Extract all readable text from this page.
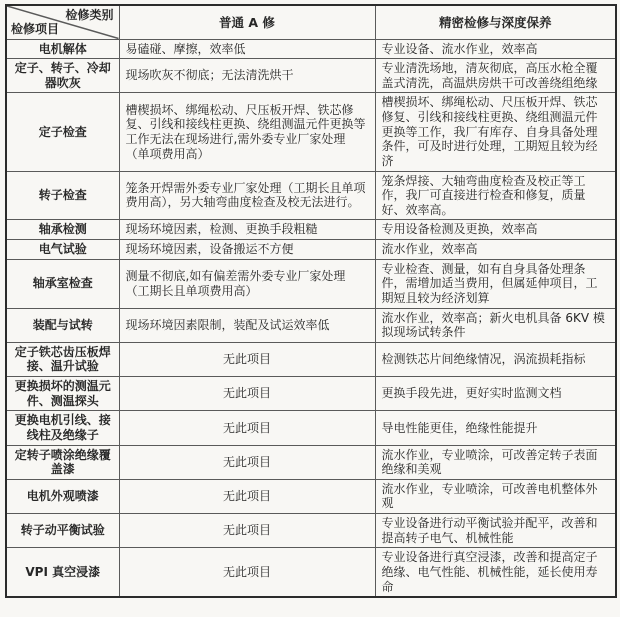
检修类别
检修项目	普通 A 修	精密检修与深度保养
电机解体	易磕碰、摩擦，效率低	专业设备、流水作业，效率高
定子、转子、冷却器吹灰	现场吹灰不彻底；无法清洗烘干	专业清洗场地，清灰彻底，高压水枪全覆盖式清洗，高温烘房烘干可改善绕组绝缘
定子检查	槽楔损坏、绑绳松动、尺压板开焊、铁芯修复、引线和接线柱更换、绕组测温元件更换等工作无法在现场进行,需外委专业厂家处理（单项费用高）	槽楔损坏、绑绳松动、尺压板开焊、铁芯修复、引线和接线柱更换、绕组测温元件更换等工作，我厂有库存、自身具备处理条件，可及时进行处理，工期短且较为经济
转子检查	笼条开焊需外委专业厂家处理（工期长且单项费用高），另大轴弯曲度检查及校无法进行。	笼条焊接、大轴弯曲度检查及校正等工作，我厂可直接进行检查和修复，质量好、效率高。
轴承检测	现场环境因素，检测、更换手段粗糙	专用设备检测及更换，效率高
电气试验	现场环境因素，设备搬运不方便	流水作业，效率高
轴承室检查	测量不彻底,如有偏差需外委专业厂家处理（工期长且单项费用高）	专业检查、测量，如有自身具备处理条件，需增加适当费用，但属延伸项目，工期短且较为经济划算
装配与试转	现场环境因素限制，装配及试运效率低	流水作业，效率高；新火电机具备 6KV 模拟现场试转条件
定子铁芯齿压板焊接、温升试验	无此项目	检测铁芯片间绝缘情况，涡流损耗指标
更换损坏的测温元件、测温探头	无此项目	更换手段先进，更好实时监测文档
更换电机引线、接线柱及绝缘子	无此项目	导电性能更佳，绝缘性能提升
定转子喷涂绝缘覆盖漆	无此项目	流水作业，专业喷涂，可改善定转子表面绝缘和美观
电机外观喷漆	无此项目	流水作业，专业喷涂，可改善电机整体外观
转子动平衡试验	无此项目	专业设备进行动平衡试验并配平，改善和提高转子电气、机械性能
VPI 真空浸漆	无此项目	专业设备进行真空浸漆，改善和提高定子绝缘、电气性能、机械性能，延长使用寿命
